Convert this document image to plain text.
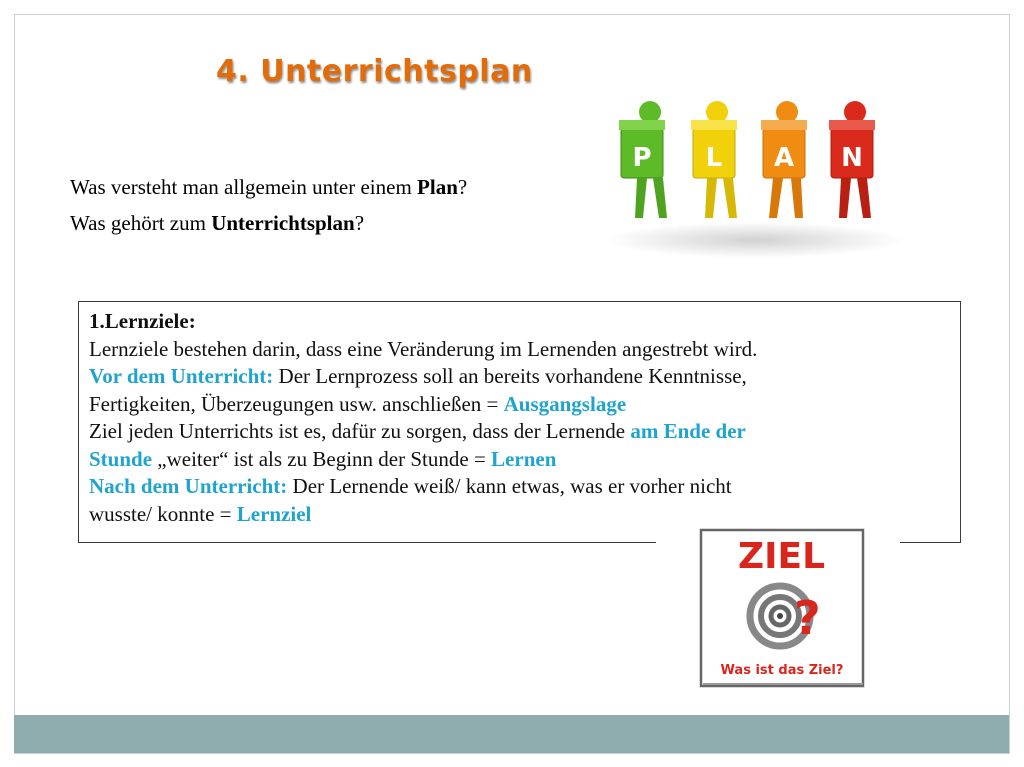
4. Unterrichtsplan
Was versteht man allgemein unter einem Plan?
Was gehört zum Unterrichtsplan?
P L A N
1.Lernziele:
Lernziele bestehen darin, dass eine Veränderung im Lernenden angestrebt wird.
Vor dem Unterricht: Der Lernprozess soll an bereits vorhandene Kenntnisse,
Fertigkeiten, Überzeugungen usw. anschließen = Ausgangslage
Ziel jeden Unterrichts ist es, dafür zu sorgen, dass der Lernende am Ende der
Stunde „weiter“ ist als zu Beginn der Stunde = Lernen
Nach dem Unterricht: Der Lernende weiß/ kann etwas, was er vorher nicht
wusste/ konnte = Lernziel
ZIEL
?
Was ist das Ziel?
